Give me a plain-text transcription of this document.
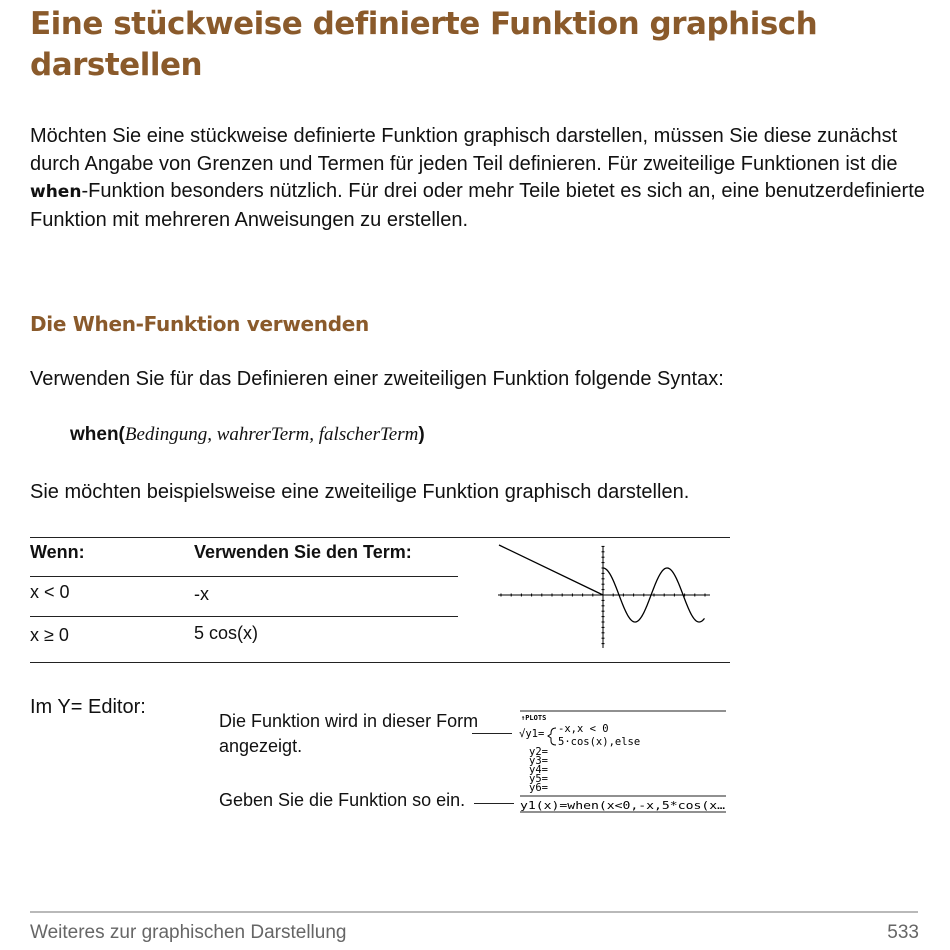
Eine stückweise definierte Funktion graphisch
darstellen
Möchten Sie eine stückweise definierte Funktion graphisch darstellen, müssen Sie diese zunächst durch Angabe von Grenzen und Termen für jeden Teil definieren. Für zweiteilige Funktionen ist die when-Funktion besonders nützlich. Für drei oder mehr Teile bietet es sich an, eine benutzerdefinierte Funktion mit mehreren Anweisungen zu erstellen.
Die When-Funktion verwenden
Verwenden Sie für das Definieren einer zweiteiligen Funktion folgende Syntax:
when(Bedingung, wahrerTerm, falscherTerm)
Sie möchten beispielsweise eine zweiteilige Funktion graphisch darstellen.
Wenn:	Verwenden Sie den Term:
x < 0	-x
x ≥ 0	5 cos(x)
Im Y= Editor:
Die Funktion wird in dieser Form angezeigt.
Geben Sie die Funktion so ein.
↑PLOTS
√y1= -x,x < 0
5·cos(x),else
y2=
y3=
y4=
y5=
y6=
y1(x)=when(x<0,-x,5*cos(x…
Weiteres zur graphischen Darstellung	533
